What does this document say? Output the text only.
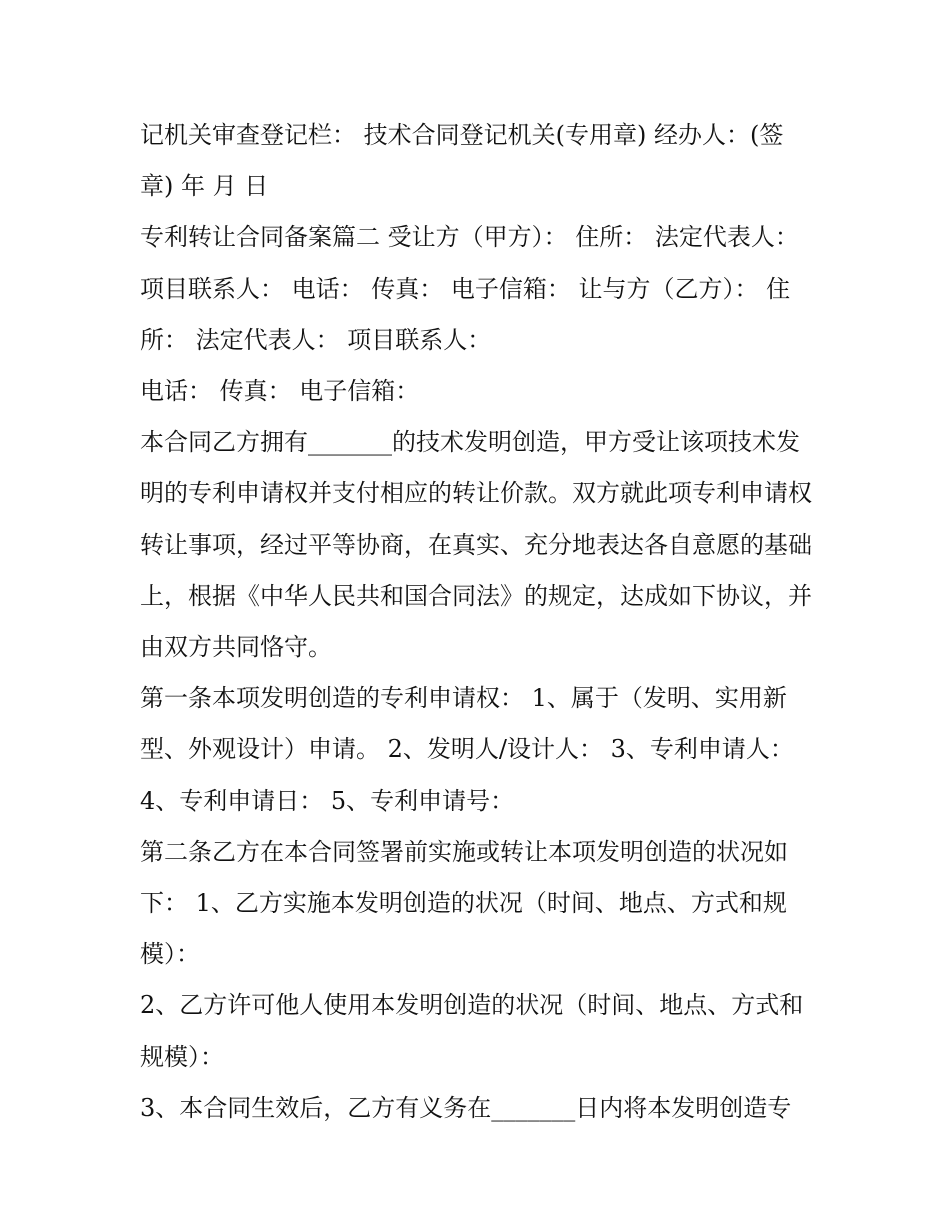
记机关审查登记栏： 技术合同登记机关(专用章) 经办人：(签章) 年 月 日

专利转让合同备案篇二 受让方（甲方）： 住所： 法定代表人： 项目联系人： 电话： 传真： 电子信箱： 让与方（乙方）： 住所： 法定代表人： 项目联系人：

电话： 传真： 电子信箱：

本合同乙方拥有_______的技术发明创造，甲方受让该项技术发明的专利申请权并支付相应的转让价款。双方就此项专利申请权转让事项，经过平等协商，在真实、充分地表达各自意愿的基础上，根据《中华人民共和国合同法》的规定，达成如下协议，并由双方共同恪守。

第一条本项发明创造的专利申请权： 1、属于（发明、实用新型、外观设计）申请。 2、发明人/设计人： 3、专利申请人： 4、专利申请日： 5、专利申请号：

第二条乙方在本合同签署前实施或转让本项发明创造的状况如下： 1、乙方实施本发明创造的状况（时间、地点、方式和规模）：

2、乙方许可他人使用本发明创造的状况（时间、地点、方式和规模）：

3、本合同生效后，乙方有义务在_______日内将本发明创造专
